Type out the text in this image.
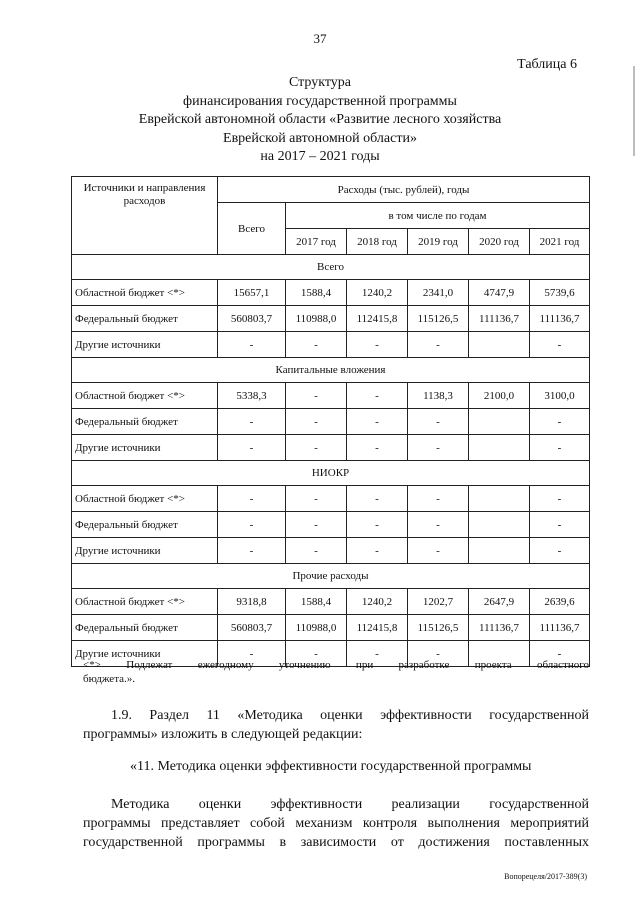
37
Таблица 6
Структура
финансирования государственной программы
Еврейской автономной области «Развитие лесного хозяйства
Еврейской автономной области»
на 2017 – 2021 годы
Источники и направления расходов	Расходы (тыс. рублей), годы					
	Всего	в том числе по годам				
		2017 год	2018 год	2019 год	2020 год	2021 год
Всего						
Областной бюджет <*>	15657,1	1588,4	1240,2	2341,0	4747,9	5739,6
Федеральный бюджет	560803,7	110988,0	112415,8	115126,5	111136,7	111136,7
Другие источники	-	-	-	-		-
Капитальные вложения						
Областной бюджет <*>	5338,3	-	-	1138,3	2100,0	3100,0
Федеральный бюджет	-	-	-	-		-
Другие источники	-	-	-	-		-
НИОКР						
Областной бюджет <*>	-	-	-	-		-
Федеральный бюджет	-	-	-	-		-
Другие источники	-	-	-	-		-
Прочие расходы						
Областной бюджет <*>	9318,8	1588,4	1240,2	1202,7	2647,9	2639,6
Федеральный бюджет	560803,7	110988,0	112415,8	115126,5	111136,7	111136,7
Другие источники	-	-	-	-		-
<*> Подлежат ежегодному уточнению при разработке проекта областного
бюджета.».
1.9. Раздел 11 «Методика оценки эффективности государственной
программы» изложить в следующей редакции:
«11. Методика оценки эффективности государственной программы
Методика оценки эффективности реализации государственной
программы представляет собой механизм контроля выполнения мероприятий
государственной программы в зависимости от достижения поставленных
Вопорецеля/2017-389(3)
